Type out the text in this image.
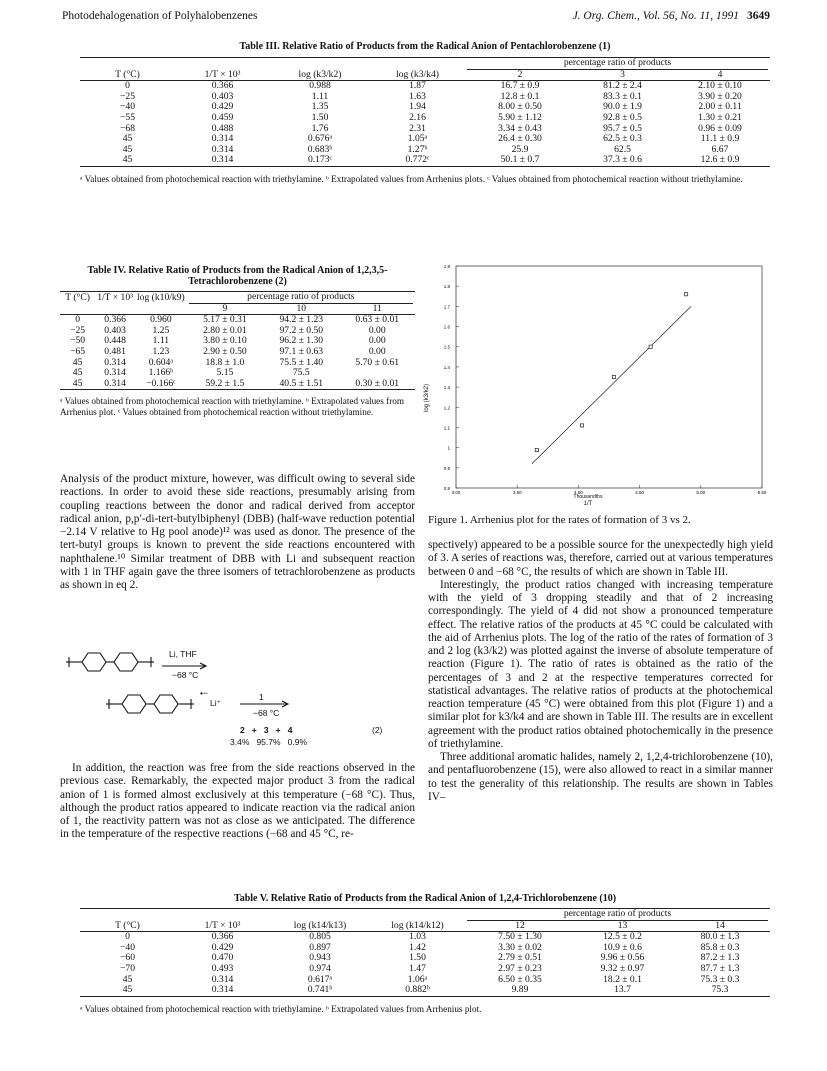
Photodehalogenation of Polyhalobenzenes	J. Org. Chem., Vol. 56, No. 11, 1991 3649
Table III. Relative Ratio of Products from the Radical Anion of Pentachlorobenzene (1)

				percentage ratio of products		

T (°C)	1/T × 10³	log (k3/k2)	log (k3/k4)	2	3	4
0	0.366	0.988	1.87	16.7 ± 0.9	81.2 ± 2.4	2.10 ± 0.10
−25	0.403	1.11	1.63	12.8 ± 0.1	83.3 ± 0.1	3.90 ± 0.20
−40	0.429	1.35	1.94	8.00 ± 0.50	90.0 ± 1.9	2.00 ± 0.11
−55	0.459	1.50	2.16	5.90 ± 1.12	92.8 ± 0.5	1.30 ± 0.21
−68	0.488	1.76	2.31	3.34 ± 0.43	95.7 ± 0.5	0.96 ± 0.09
45	0.314	0.676ᵃ	1.05ᵃ	26.4 ± 0.30	62.5 ± 0.3	11.1 ± 0.9
45	0.314	0.683ᵇ	1.27ᵇ	25.9	62.5	6.67
45	0.314	0.173ᶜ	0.772ᶜ	50.1 ± 0.7	37.3 ± 0.6	12.6 ± 0.9
ᵃ Values obtained from photochemical reaction with triethylamine. ᵇ Extrapolated values from Arrhenius plots. ᶜ Values obtained from photochemical reaction without triethylamine.
Table IV. Relative Ratio of Products from the Radical Anion of 1,2,3,5-Tetrachlorobenzene (2)
T (°C)	1/T × 10³	log (k10/k9)	percentage ratio of products		

			9	10	11
0	0.366	0.960	5.17 ± 0.31	94.2 ± 1.23	0.63 ± 0.01
−25	0.403	1.25	2.80 ± 0.01	97.2 ± 0.50	0.00
−50	0.448	1.11	3.80 ± 0.10	96.2 ± 1.30	0.00
−65	0.481	1.23	2.90 ± 0.50	97.1 ± 0.63	0.00
45	0.314	0.604ᵃ	18.8 ± 1.0	75.5 ± 1.40	5.70 ± 0.61
45	0.314	1.166ᵇ	5.15	75.5	
45	0.314	−0.166ᶜ	59.2 ± 1.5	40.5 ± 1.51	0.30 ± 0.01
ᵃ Values obtained from photochemical reaction with triethylamine. ᵇ Extrapolated values from Arrhenius plot. ᶜ Values obtained from photochemical reaction without triethylamine.

Analysis of the product mixture, however, was difficult owing to several side reactions. In order to avoid these side reactions, presumably arising from coupling reactions between the donor and radical derived from acceptor radical anion, p,p′-di-tert-butylbiphenyl (DBB) (half-wave reduction potential −2.14 V relative to Hg pool anode)¹² was used as donor. The presence of the tert-butyl groups is known to prevent the side reactions encountered with naphthalene.¹⁰ Similar treatment of DBB with Li and subsequent reaction with 1 in THF again gave the three isomers of tetrachlorobenzene as products as shown in eq 2.

Li, THF
−68 °C
•−
Li⁺
1
−68 °C
2   +   3   +   4	(2)
3.4%   95.7%   0.9%

In addition, the reaction was free from the side reactions observed in the previous case. Remarkably, the expected major product 3 from the radical anion of 1 is formed almost exclusively at this temperature (−68 °C). Thus, although the product ratios appeared to indicate reaction via the radical anion of 1, the reactivity pattern was not as close as we anticipated. The difference in the temperature of the respective reactions (−68 and 45 °C, re-

0.8
0.9
1
1.1
1.2
1.3
1.4
1.5
1.6
1.7
1.8
1.9
3.00	3.50	4.00	4.50	5.00	5.50
log (k3/k2)
Thousandths
1/T
Figure 1. Arrhenius plot for the rates of formation of 3 vs 2.

spectively) appeared to be a possible source for the unexpectedly high yield of 3. A series of reactions was, therefore, carried out at various temperatures between 0 and −68 °C, the results of which are shown in Table III.

Interestingly, the product ratios changed with increasing temperature with the yield of 3 dropping steadily and that of 2 increasing correspondingly. The yield of 4 did not show a pronounced temperature effect. The relative ratios of the products at 45 °C could be calculated with the aid of Arrhenius plots. The log of the ratio of the rates of formation of 3 and 2 log (k3/k2) was plotted against the inverse of absolute temperature of reaction (Figure 1). The ratio of rates is obtained as the ratio of the percentages of 3 and 2 at the respective temperatures corrected for statistical advantages. The relative ratios of products at the photochemical reaction temperature (45 °C) were obtained from this plot (Figure 1) and a similar plot for k3/k4 and are shown in Table III. The results are in excellent agreement with the product ratios obtained photochemically in the presence of triethylamine.

Three additional aromatic halides, namely 2, 1,2,4-trichlorobenzene (10), and pentafluorobenzene (15), were also allowed to react in a similar manner to test the generality of this relationship. The results are shown in Tables IV–

Table V. Relative Ratio of Products from the Radical Anion of 1,2,4-Trichlorobenzene (10)

				percentage ratio of products		

T (°C)	1/T × 10³	log (k14/k13)	log (k14/k12)	12	13	14
0	0.366	0.805	1.03	7.50 ± 1.30	12.5 ± 0.2	80.0 ± 1.3
−40	0.429	0.897	1.42	3.30 ± 0.02	10.9 ± 0.6	85.8 ± 0.3
−60	0.470	0.943	1.50	2.79 ± 0.51	9.96 ± 0.56	87.2 ± 1.3
−70	0.493	0.974	1.47	2.97 ± 0.23	9.32 ± 0.97	87.7 ± 1.3
45	0.314	0.617ᵃ	1.06ᵃ	6.50 ± 0.35	18.2 ± 0.1	75.3 ± 0.3
45	0.314	0.741ᵇ	0.882ᵇ	9.89	13.7	75.3
ᵃ Values obtained from photochemical reaction with triethylamine. ᵇ Extrapolated values from Arrhenius plot.
